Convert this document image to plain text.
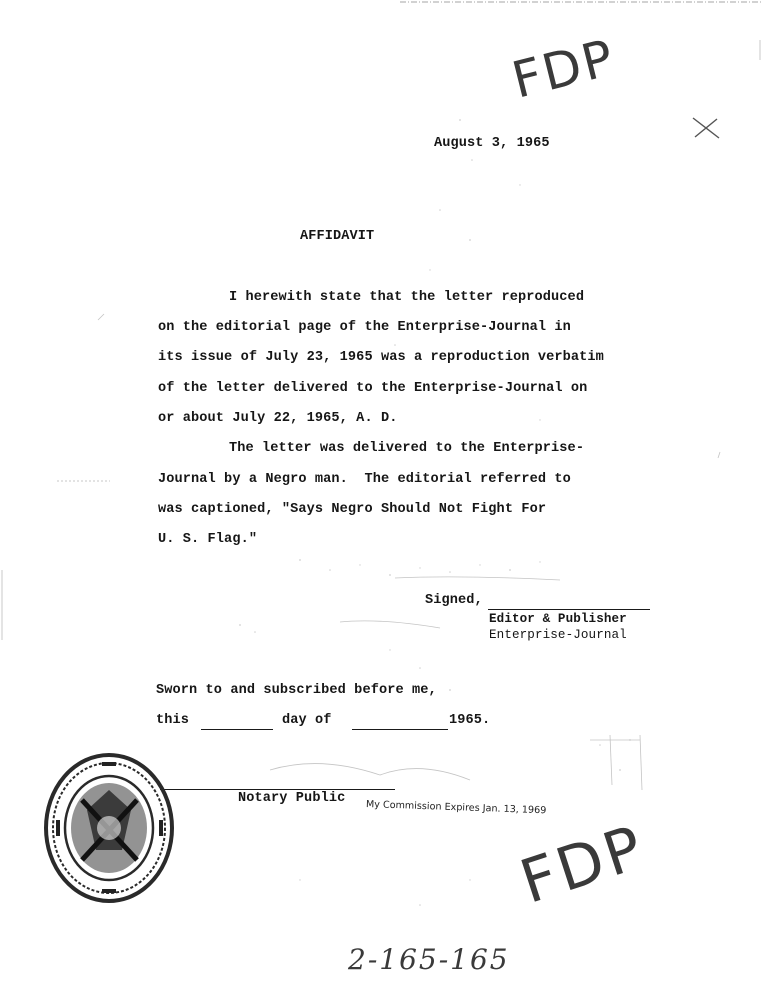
FDP

August 3, 1965

AFFIDAVIT

I herewith state that the letter reproduced

on the editorial page of the Enterprise-Journal in

its issue of July 23, 1965 was a reproduction verbatim

of the letter delivered to the Enterprise-Journal on

or about July 22, 1965, A. D.

The letter was delivered to the Enterprise-

Journal by a Negro man.  The editorial referred to

was captioned, "Says Negro Should Not Fight For

U. S. Flag."

Signed,

Editor & Publisher

Enterprise-Journal

Sworn to and subscribed before me,

this	day of	1965.

Notary Public

My Commission Expires Jan. 13, 1969

FDP
2-165-165
